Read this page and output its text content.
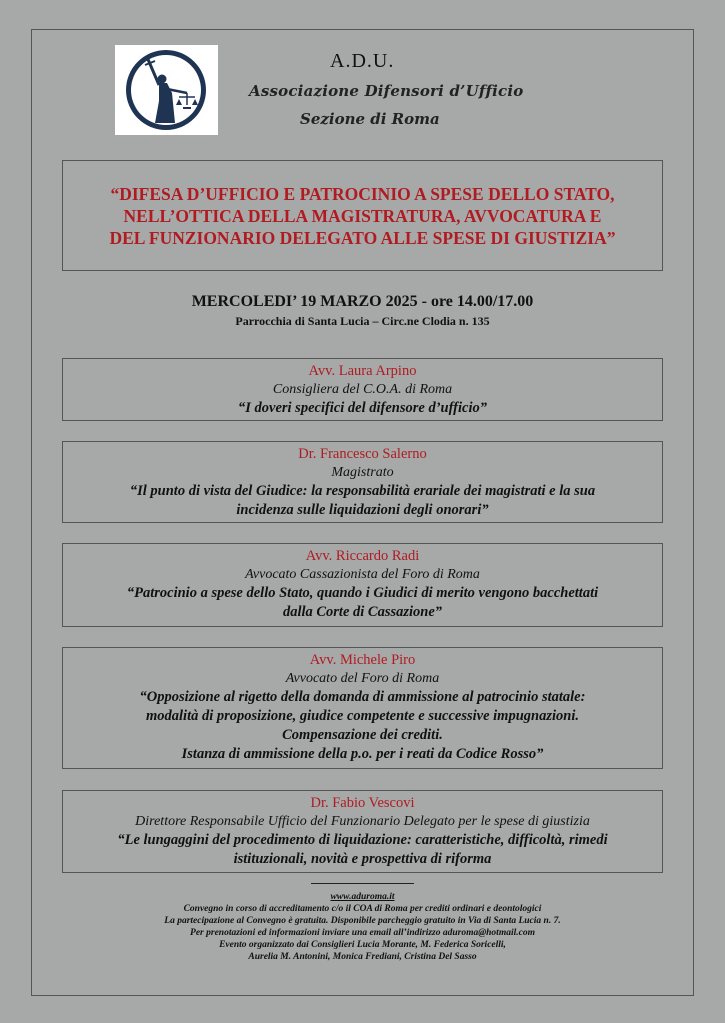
A.D.U.
Associazione Difensori d’Ufficio
Sezione di Roma

“DIFESA D’UFFICIO E PATROCINIO A SPESE DELLO STATO,
NELL’OTTICA DELLA MAGISTRATURA, AVVOCATURA E
DEL FUNZIONARIO DELEGATO ALLE SPESE DI GIUSTIZIA”

MERCOLEDI’ 19 MARZO 2025 - ore 14.00/17.00
Parrocchia di Santa Lucia – Circ.ne Clodia n. 135
Avv. Laura Arpino
Consigliera del C.O.A. di Roma
“I doveri specifici del difensore d’ufficio”
Dr. Francesco Salerno
Magistrato
“Il punto di vista del Giudice: la responsabilità erariale dei magistrati e la sua
incidenza sulle liquidazioni degli onorari”
Avv. Riccardo Radi
Avvocato Cassazionista del Foro di Roma
“Patrocinio a spese dello Stato, quando i Giudici di merito vengono bacchettati
dalla Corte di Cassazione”
Avv. Michele Piro
Avvocato del Foro di Roma
“Opposizione al rigetto della domanda di ammissione al patrocinio statale:
modalità di proposizione, giudice competente e successive impugnazioni.
Compensazione dei crediti.
Istanza di ammissione della p.o. per i reati da Codice Rosso”
Dr. Fabio Vescovi
Direttore Responsabile Ufficio del Funzionario Delegato per le spese di giustizia
“Le lungaggini del procedimento di liquidazione: caratteristiche, difficoltà, rimedi
istituzionali, novità e prospettiva di riforma
www.aduroma.it
Convegno in corso di accreditamento c/o il COA di Roma per crediti ordinari e deontologici
La partecipazione al Convegno è gratuita. Disponibile parcheggio gratuito in Via di Santa Lucia n. 7.
Per prenotazioni ed informazioni inviare una email all’indirizzo aduroma@hotmail.com
Evento organizzato dai Consiglieri Lucia Morante, M. Federica Soricelli,
Aurelia M. Antonini, Monica Frediani, Cristina Del Sasso
